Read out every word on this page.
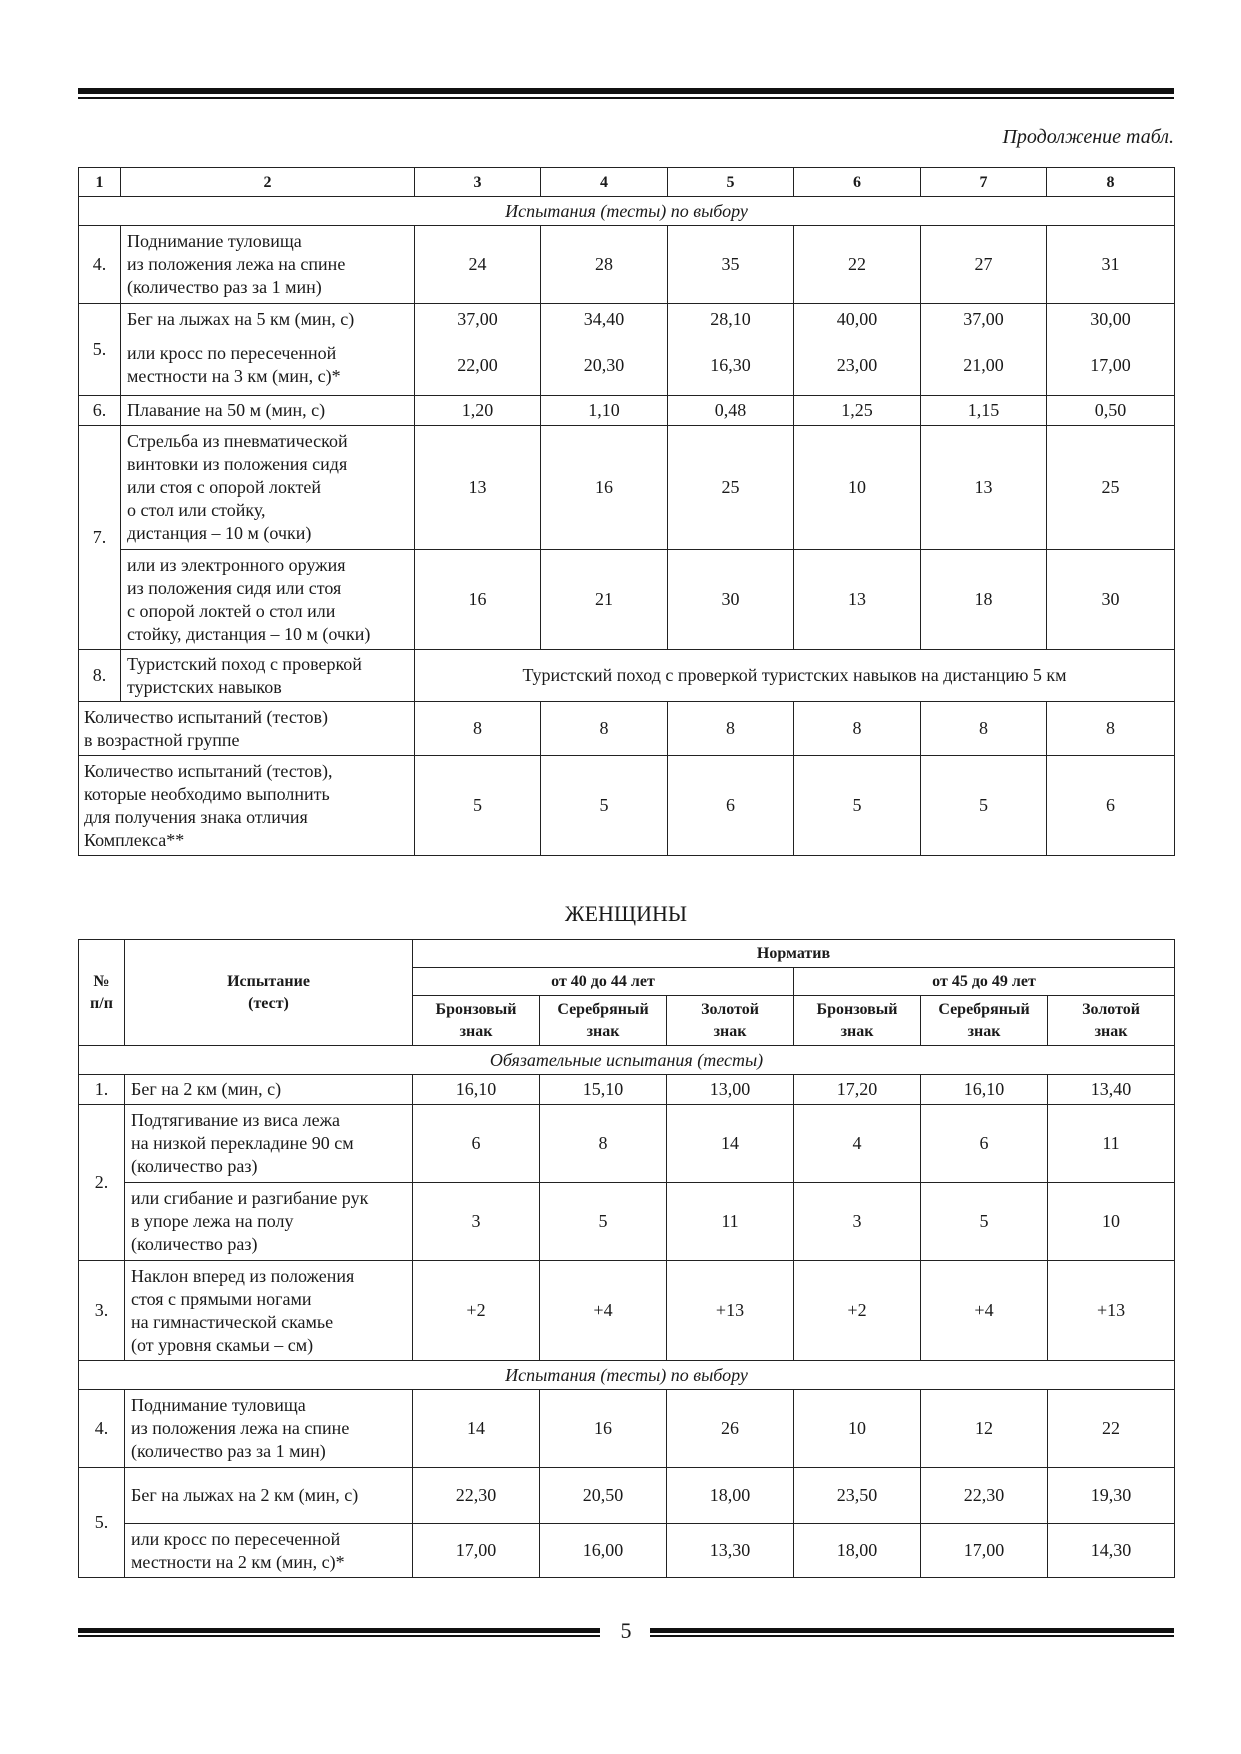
Продолжение табл.
1	2	3	4	5	6	7	8
Испытания (тесты) по выбору							
4.	Поднимание туловища
из положения лежа на спине
(количество раз за 1 мин)	24	28	35	22	27	31
5.	Бег на лыжах на 5 км (мин, с)	37,00	34,40	28,10	40,00	37,00	30,00
	или кросс по пересеченной
местности на 3 км (мин, с)*	22,00	20,30	16,30	23,00	21,00	17,00
6.	Плавание на 50 м (мин, с)	1,20	1,10	0,48	1,25	1,15	0,50
7.	Стрельба из пневматической
винтовки из положения сидя
или стоя с опорой локтей
о стол или стойку,
дистанция – 10 м (очки)	13	16	25	10	13	25
	или из электронного оружия
из положения сидя или стоя
с опорой локтей о стол или
стойку, дистанция – 10 м (очки)	16	21	30	13	18	30
8.	Туристский поход с проверкой
туристских навыков	Туристский поход с проверкой туристских навыков на дистанцию 5 км					
Количество испытаний (тестов)
в возрастной группе		8	8	8	8	8	8
Количество испытаний (тестов),
которые необходимо выполнить
для получения знака отличия
Комплекса**		5	5	6	5	5	6
ЖЕНЩИНЫ
№
п/п	Испытание
(тест)	Норматив					
		от 40 до 44 лет			от 45 до 49 лет		
		Бронзовый
знак	Серебряный
знак	Золотой
знак	Бронзовый
знак	Серебряный
знак	Золотой
знак
Обязательные испытания (тесты)							
1.	Бег на 2 км (мин, с)	16,10	15,10	13,00	17,20	16,10	13,40
2.	Подтягивание из виса лежа
на низкой перекладине 90 см
(количество раз)	6	8	14	4	6	11
	или сгибание и разгибание рук
в упоре лежа на полу
(количество раз)	3	5	11	3	5	10
3.	Наклон вперед из положения
стоя с прямыми ногами
на гимнастической скамье
(от уровня скамьи – см)	+2	+4	+13	+2	+4	+13
Испытания (тесты) по выбору							
4.	Поднимание туловища
из положения лежа на спине
(количество раз за 1 мин)	14	16	26	10	12	22
5.	Бег на лыжах на 2 км (мин, с)	22,30	20,50	18,00	23,50	22,30	19,30
	или кросс по пересеченной
местности на 2 км (мин, с)*	17,00	16,00	13,30	18,00	17,00	14,30
5
